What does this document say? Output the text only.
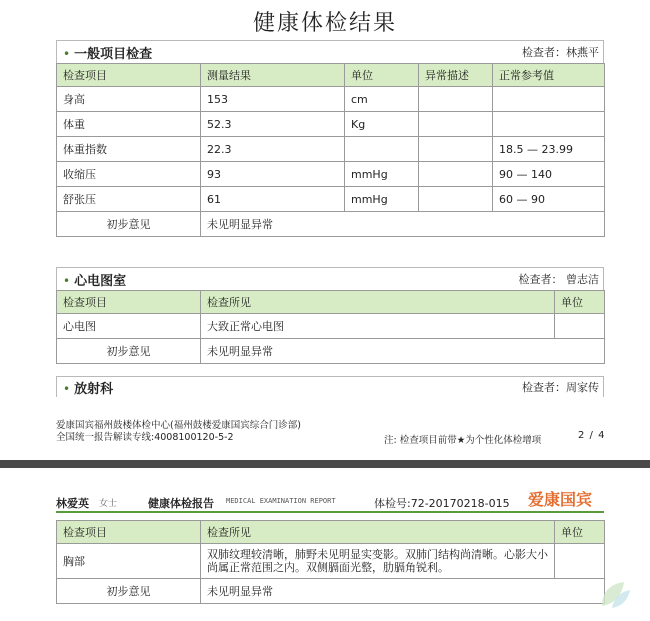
健康体检结果
• 一般项目检查	检查者：林燕平
检查项目	测量结果	单位	异常描述	正常参考值
身高	153	cm		
体重	52.3	Kg		
体重指数	22.3			18.5 — 23.99
收缩压	93	mmHg		90 — 140
舒张压	61	mmHg		60 — 90
初步意见	未见明显异常			
• 心电图室	检查者： 曾志洁
检查项目	检查所见	单位
心电图	大致正常心电图	
初步意见	未见明显异常	
• 放射科	检查者：周家传
爱康国宾福州鼓楼体检中心(福州鼓楼爱康国宾综合门诊部)
全国统一报告解读专线:4008100120-5-2	注: 检查项目前带★为个性化体检增项	2 / 4
林爱英 女士	健康体检报告 MEDICAL EXAMINATION REPORT	体检号:72-20170218-015 爱康国宾
检查项目	检查所见	单位
胸部	双肺纹理较清晰，肺野未见明显实变影。双肺门结构尚清晰。心影大小尚属正常范围之内。双侧膈面光整，肋膈角锐利。	
初步意见	未见明显异常	
